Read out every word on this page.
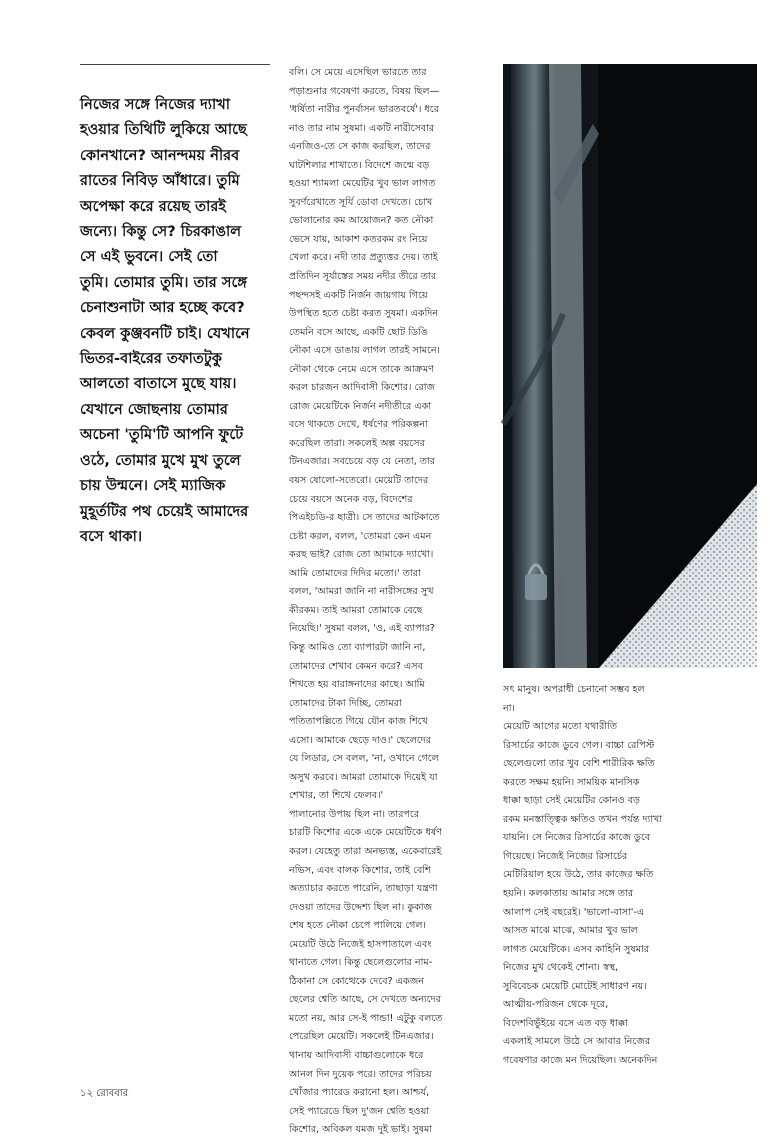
নিজের সঙ্গে নিজের দ্যাখা
হওয়ার তিথিটি লুকিয়ে আছে
কোনখানে? আনন্দময় নীরব
রাতের নিবিড় আঁধারে। তুমি
অপেক্ষা করে রয়েছ তারই
জন্যে। কিন্তু সে? চিরকাঙাল
সে এই ভুবনে। সেই তো
তুমি। তোমার তুমি। তার সঙ্গে
চেনাশুনাটা আর হচ্ছে কবে?
কেবল কুঞ্জবনটি চাই। যেখানে
ভিতর-বাইরের তফাতটুকু
আলতো বাতাসে মুছে যায়।
যেখানে জোছনায় তোমার
অচেনা 'তুমি'টি আপনি ফুটে
ওঠে, তোমার মুখে মুখ তুলে
চায় উন্মনে। সেই ম্যাজিক
মুহূর্তটির পথ চেয়েই আমাদের
বসে থাকা।
বলি। সে মেয়ে এসেছিল ভারতে তার
পড়াশুনার গবেষণা করতে, বিষয় ছিল—
'ধর্ষিতা নারীর পুনর্বাসন ভারতবর্ষে'। ধরে
নাও তার নাম সুষমা। একটি নারীসেবার
এনজিও-তে সে কাজ করছিল, তাদের
ঘাটশিলার শাখাতে। বিদেশে জন্মে বড়
হওয়া শ্যামলা মেয়েটির খুব ভাল লাগত
সুবর্ণরেখাতে সূর্যি ডোবা দেখতে। চোখ
ভোলানোর কম আয়োজন? কত নৌকা
ভেসে যায়, আকাশ কতরকম রং নিয়ে
খেলা করে। নদী তার প্রত্যুত্তর দেয়। তাই
প্রতিদিন সূর্যাস্তের সময় নদীর তীরে তার
পছন্দসই একটি নির্জন জায়গায় গিয়ে
উপস্থিত হতে চেষ্টা করত সুষমা। একদিন
তেমনি বসে আছে, একটি ছোট ডিঙি
নৌকা এসে ডাঙায় লাগল তারই সামনে।
নৌকা থেকে নেমে এসে তাকে আক্রমণ
করল চারজন আদিবাসী কিশোর। রোজ
রোজ মেয়েটিকে নির্জন নদীতীরে একা
বসে থাকতে দেখে, ধর্ষণের পরিকল্পনা
করেছিল তারা। সকলেই অল্প বয়সের
টিনএজার। সবচেয়ে বড় যে নেতা, তার
বয়স ষোলো-সতেরো। মেয়েটি তাদের
চেয়ে বয়সে অনেক বড়, বিদেশের
পিএইচডি-র ছাত্রী। সে তাদের আটকাতে
চেষ্টা করল, বলল, 'তোমরা কেন এমন
করছ ভাই? রোজ তো আমাকে দ্যাখো।
আমি তোমাদের দিদির মতো।' তারা
বলল, 'আমরা জানি না নারীসঙ্গের সুখ
কীরকম। তাই আমরা তোমাকে বেছে
নিয়েছি।' সুষমা বলল, 'ও, এই ব্যাপার?
কিন্তু আমিও তো ব্যাপারটা জানি না,
তোমাদের শেখাব কেমন করে? এসব
শিখতে হয় বারাঙ্গনাদের কাছে। আমি
তোমাদের টাকা দিচ্ছি, তোমরা
পতিতাপল্লিতে গিয়ে যৌন কাজ শিখে
এসো। আমাকে ছেড়ে দাও।' ছেলেদের
যে লিডার, সে বলল, 'না, ওখানে গেলে
অসুখ করবে। আমরা তোমাকে দিয়েই যা
শেখার, তা শিখে ফেলব।'
পালানোর উপায় ছিল না। তারপরে
চারটি কিশোর একে একে মেয়েটিকে ধর্ষণ
করল। যেহেতু তারা অনভ্যস্ত, একেবারেই
নভিস, এবং বালক কিশোর, তাই বেশি
অত্যাচার করতে পারেনি, তাছাড়া যন্ত্রণা
দেওয়া তাদের উদ্দেশ্য ছিল না। কুকাজ
শেষ হতে নৌকা চেপে পালিয়ে গেল।
মেয়েটি উঠে নিজেই হাসপাতালে এবং
থানাতে গেল। কিন্তু ছেলেগুলোর নাম-
ঠিকানা সে কোত্থেকে দেবে? একজন
ছেলের শ্বেতি আছে, সে দেখতে অন্যদের
মতো নয়, আর সে-ই পান্ডা! এটুকু বলতে
পেরেছিল মেয়েটি। সকলেই টিনএজার।
থানায় আদিবাসী বাচ্চাগুলোকে ধরে
আনল দিন দুয়েক পরে। তাদের পরিচয়
খোঁজার প্যারেড করানো হল। আশ্চর্য,
সেই প্যারেডে ছিল দু'জন শ্বেতি হওয়া
কিশোর, অবিকল যমজ দুই ভাই। সুষমা
সৎ মানুষ। অপরাধী চেনানো সম্ভব হল
না।
মেয়েটি আগের মতো যথারীতি
রিসার্চের কাজে ডুবে গেল। বাচ্চা রেপিস্ট
ছেলেগুলো তার খুব বেশি শারীরিক ক্ষতি
করতে সক্ষম হয়নি। সাময়িক মানসিক
ধাক্কা ছাড়া সেই মেয়েটির কোনও বড়
রকম মনস্তাত্ত্বিক ক্ষতিও তখন পর্যন্ত দ্যাখা
যায়নি। সে নিজের রিসার্চের কাজে ডুবে
গিয়েছে। নিজেই নিজের রিসার্চের
মেটিরিয়াল হয়ে উঠে, তার কাজের ক্ষতি
হয়নি। কলকাতায় আমার সঙ্গে তার
আলাপ সেই বছরেই। 'ভালো-বাসা'-এ
আসত মাঝে মাঝে, আমার খুব ভাল
লাগত মেয়েটিকে। এসব কাহিনি সুষমার
নিজের মুখ থেকেই শোনা। স্বস্থ,
সুবিবেচক মেয়েটি মোটেই সাধারণ নয়।
আত্মীয়-পরিজন থেকে দূরে,
বিদেশবিভুঁইয়ে বসে এত বড় ধাক্কা
একলাই সামলে উঠে সে আবার নিজের
গবেষণার কাজে মন দিয়েছিল। অনেকদিন
১২ রোববার
